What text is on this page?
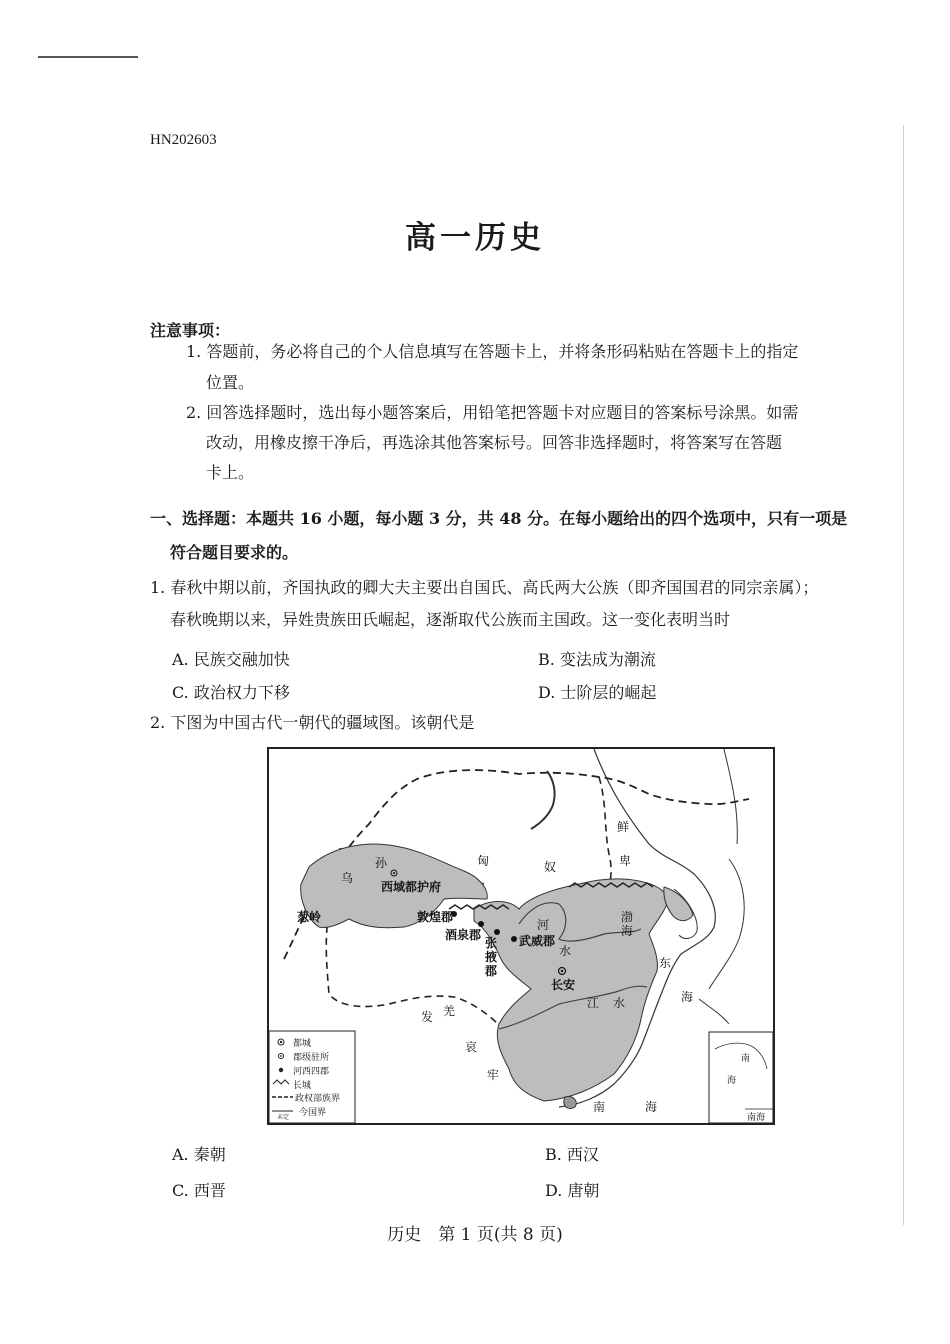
HN202603
高一历史
注意事项：
1. 答题前，务必将自己的个人信息填写在答题卡上，并将条形码粘贴在答题卡上的指定
位置。
2. 回答选择题时，选出每小题答案后，用铅笔把答题卡对应题目的答案标号涂黑。如需
改动，用橡皮擦干净后，再选涂其他答案标号。回答非选择题时，将答案写在答题
卡上。
一、选择题：本题共 16 小题，每小题 3 分，共 48 分。在每小题给出的四个选项中，只有一项是
符合题目要求的。
1. 春秋中期以前，齐国执政的卿大夫主要出自国氏、高氏两大公族（即齐国国君的同宗亲属）；
春秋晚期以来，异姓贵族田氏崛起，逐渐取代公族而主国政。这一变化表明当时
A. 民族交融加快	B. 变法成为潮流
C. 政治权力下移	D. 士阶层的崛起
2. 下图为中国古代一朝代的疆域图。该朝代是
乌
孙
西域都护府
匈	奴
鲜
卑
葱岭	敦煌郡
酒泉郡
张
掖
郡
武威郡
河
水
渤
海
长安
江 水
东
海
发 羌
哀
牢
南	海
都城
郡级驻所
河西四郡
长城
政权部族界
今国界
未定
南
海
南海
A. 秦朝	B. 西汉
C. 西晋	D. 唐朝
历史　第 1 页(共 8 页)
